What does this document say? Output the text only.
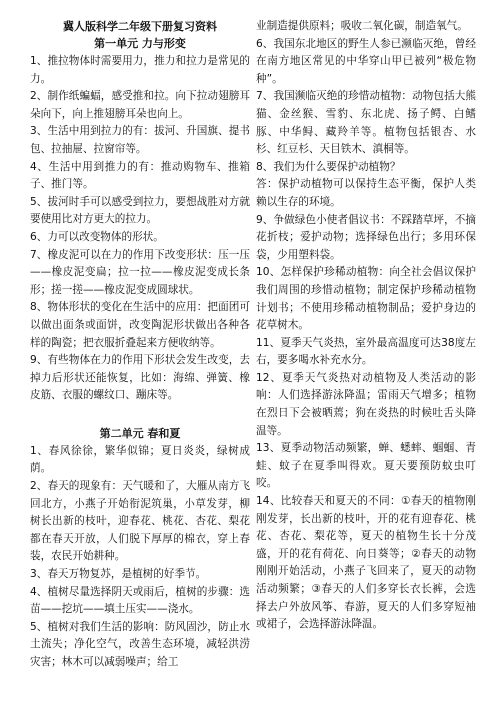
冀人版科学二年级下册复习资料
第一单元 力与形变

1、推拉物体时需要用力，推力和拉力是常见的力。

2、制作纸蝙蝠，感受推和拉。向下拉动翅膀耳朵向下，向上推翅膀耳朵也向上。

3、生活中用到拉力的有：拔河、升国旗、提书包、拉抽屉、拉窗帘等。

4、生活中用到推力的有：推动购物车、推箱子、推门等。

5、拔河时手可以感受到拉力，要想战胜对方就要使用比对方更大的拉力。

6、力可以改变物体的形状。

7、橡皮泥可以在力的作用下改变形状：压一压——橡皮泥变扁；拉一拉——橡皮泥变成长条形；搓一搓——橡皮泥变成圆球状。

8、物体形状的变化在生活中的应用：把面团可以做出面条或面饼，改变陶泥形状做出各种各样的陶瓷；把衣服折叠起来方便收纳等。

9、有些物体在力的作用下形状会发生改变，去掉力后形状还能恢复，比如：海绵、弹簧、橡皮筋、衣服的螺纹口、蹦床等。

第二单元 春和夏

1、春风徐徐，繁华似锦；夏日炎炎，绿树成荫。

2、春天的现象有：天气暖和了，大雁从南方飞回北方，小燕子开始衔泥筑巢，小草发芽，柳树长出新的枝叶，迎春花、桃花、杏花、梨花都在春天开放，人们脱下厚厚的棉衣，穿上春装，农民开始耕种。

3、春天万物复苏，是植树的好季节。

4、植树尽量选择阴天或雨后，植树的步骤：选苗——挖坑——填土压实——浇水。

5、植树对我们生活的影响：防风固沙，防止水土流失；净化空气，改善生态环境，减轻洪涝灾害；林木可以减弱噪声；给工

业制造提供原料；吸收二氧化碳，制造氧气。

6、我国东北地区的野生人参已濒临灭绝，曾经在南方地区常见的中华穿山甲已被列“极危物种”。

7、我国濒临灭绝的珍惜动植物：动物包括大熊猫、金丝猴、雪豹、东北虎、扬子鳄、白鳍豚、中华鲟、藏羚羊等。植物包括银杏、水杉、红豆杉、天目铁木、滇桐等。

8、我们为什么要保护动植物？

答：保护动植物可以保持生态平衡，保护人类赖以生存的环境。

9、争做绿色小使者倡议书：不踩踏草坪，不摘花折枝；爱护动物；选择绿色出行；多用环保袋，少用塑料袋。

10、怎样保护珍稀动植物：向全社会倡议保护我们周围的珍惜动植物；制定保护珍稀动植物计划书；不使用珍稀动植物制品；爱护身边的花草树木。

11、夏季天气炎热，室外最高温度可达38度左右，要多喝水补充水分。

12、夏季天气炎热对动植物及人类活动的影响：人们选择游泳降温；雷雨天气增多；植物在烈日下会被晒蔫；狗在炎热的时候吐舌头降温等。

13、夏季动物活动频繁，蝉、蟋蟀、蝈蝈、青蛙、蚊子在夏季叫得欢。夏天要预防蚊虫叮咬。

14、比较春天和夏天的不同：①春天的植物刚刚发芽，长出新的枝叶，开的花有迎春花、桃花、杏花、梨花等，夏天的植物生长十分茂盛，开的花有荷花、向日葵等；②春天的动物刚刚开始活动，小燕子飞回来了，夏天的动物活动频繁；③春天的人们多穿长衣长裤，会选择去户外放风筝、春游，夏天的人们多穿短袖或裙子，会选择游泳降温。
